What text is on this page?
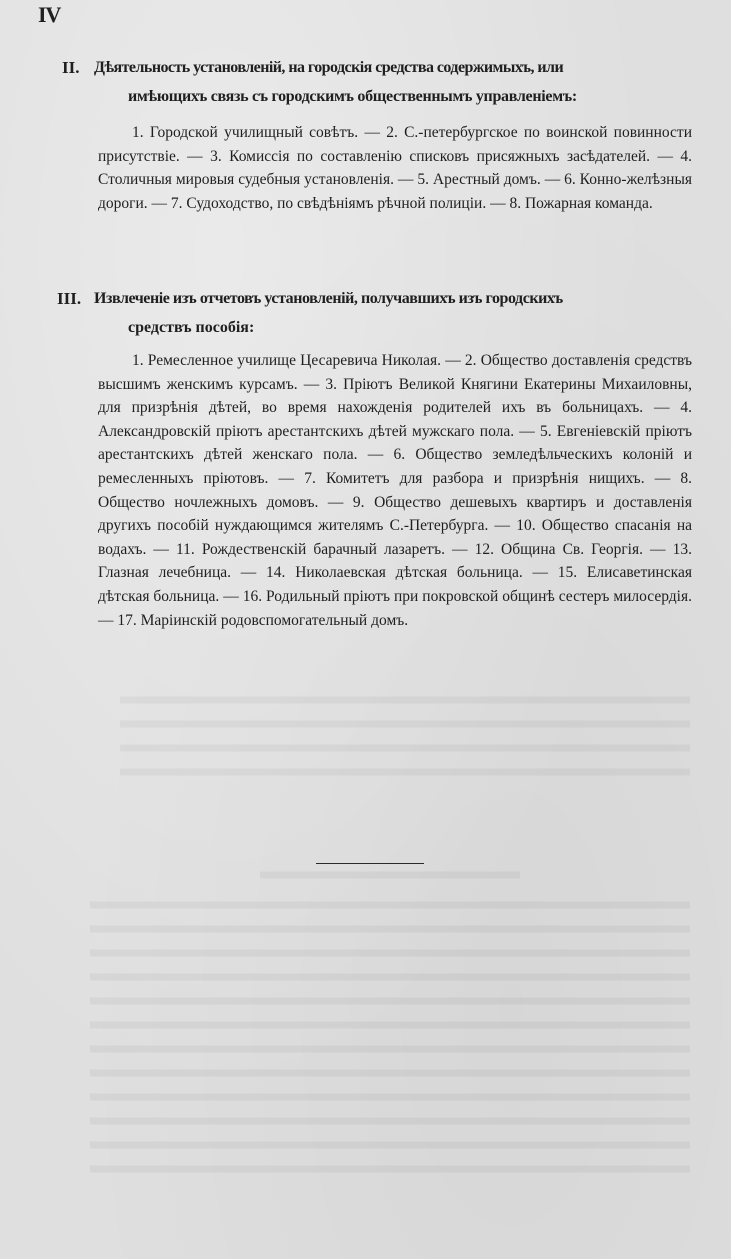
IV
II. Дѣятельность установленій, на городскія средства содержимыхъ, или
имѣющихъ связь съ городскимъ общественнымъ управленіемъ:
1. Городской училищный совѣтъ. — 2. С.-петербургское по воинской повинности присутствіе. — 3. Комиссія по составленію списковъ присяжныхъ засѣдателей. — 4. Столичныя мировыя судебныя установленія. — 5. Арестный домъ. — 6. Конно-желѣзныя дороги. — 7. Судоходство, по свѣдѣніямъ рѣчной полиціи. — 8. Пожарная команда.
III. Извлеченіе изъ отчетовъ установленій, получавшихъ изъ городскихъ
средствъ пособія:
1. Ремесленное училище Цесаревича Николая. — 2. Общество доставленія средствъ высшимъ женскимъ курсамъ. — 3. Пріютъ Великой Княгини Екатерины Михаиловны, для призрѣнія дѣтей, во время нахожденія родителей ихъ въ больницахъ. — 4. Александровскій пріютъ арестантскихъ дѣтей мужскаго пола. — 5. Евгеніевскій пріютъ арестантскихъ дѣтей женскаго пола. — 6. Общество земледѣльческихъ колоній и ремесленныхъ пріютовъ. — 7. Комитетъ для разбора и призрѣнія нищихъ. — 8. Общество ночлежныхъ домовъ. — 9. Общество дешевыхъ квартиръ и доставленія другихъ пособій нуждающимся жителямъ С.-Петербурга. — 10. Общество спасанія на водахъ. — 11. Рождественскій барачный лазаретъ. — 12. Община Св. Георгія. — 13. Глазная лечебница. — 14. Николаевская дѣтская больница. — 15. Елисаветинская дѣтская больница. — 16. Родильный пріютъ при покровской общинѣ сестеръ милосердія. — 17. Маріинскій родовспомогательный домъ.
